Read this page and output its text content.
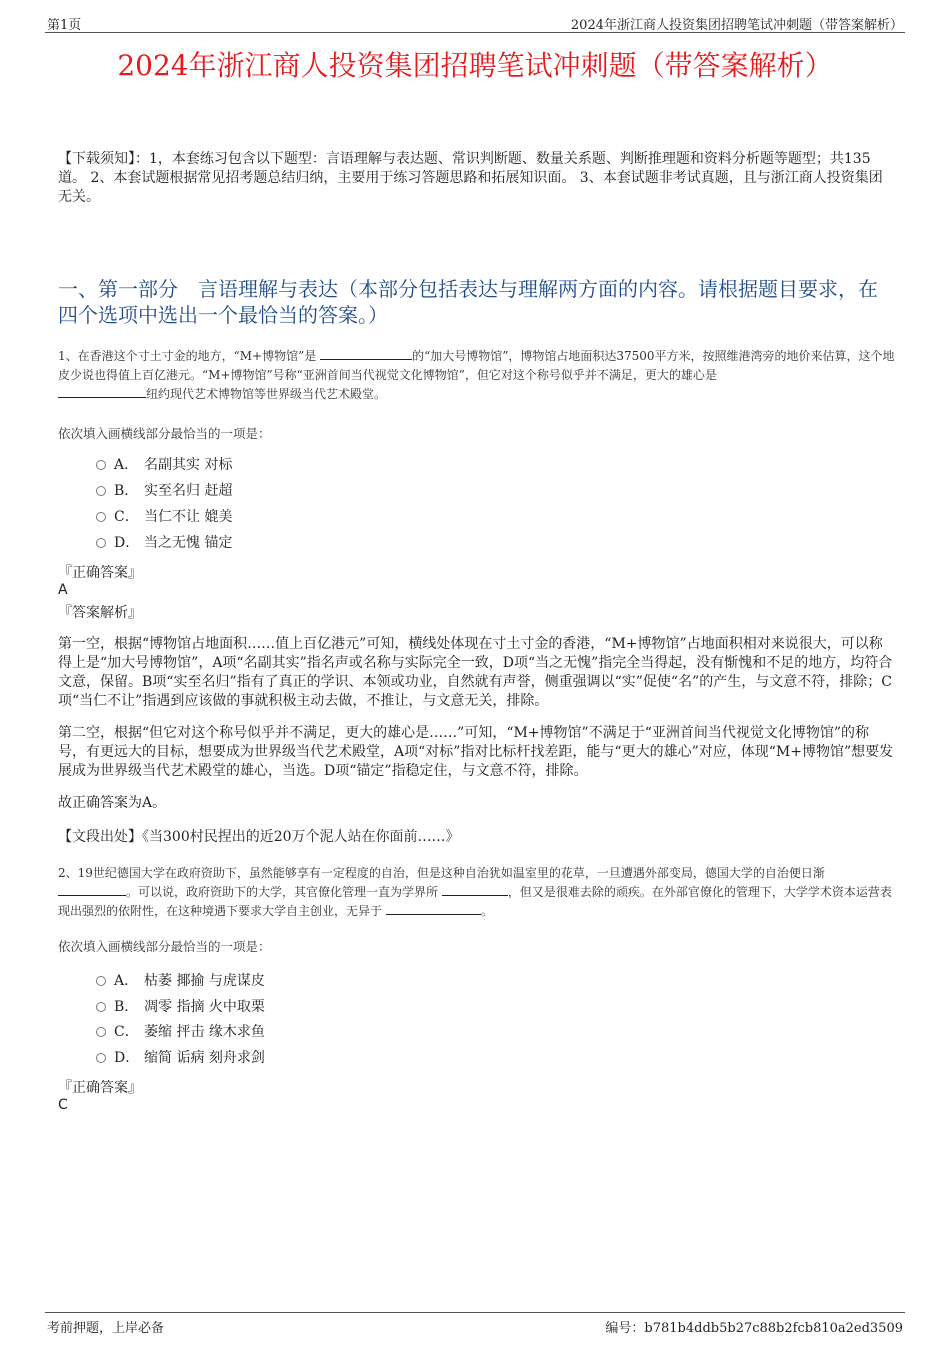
第1页	2024年浙江商人投资集团招聘笔试冲刺题（带答案解析）
2024年浙江商人投资集团招聘笔试冲刺题（带答案解析）
【下载须知】：1，本套练习包含以下题型：言语理解与表达题、常识判断题、数量关系题、判断推理题和资料分析题等题型；共135道。 2、本套试题根据常见招考题总结归纳，主要用于练习答题思路和拓展知识面。 3、本套试题非考试真题，且与浙江商人投资集团无关。
一、第一部分　言语理解与表达（本部分包括表达与理解两方面的内容。请根据题目要求，在四个选项中选出一个最恰当的答案。）
1、在香港这个寸土寸金的地方，“M+博物馆”是	的“加大号博物馆”，博物馆占地面积达37500平方米，按照维港湾旁的地价来估算，这个地皮少说也得值上百亿港元。“M+博物馆”号称“亚洲首间当代视觉文化博物馆”，但它对这个称号似乎并不满足，更大的雄心是
纽约现代艺术博物馆等世界级当代艺术殿堂。
依次填入画横线部分最恰当的一项是：
A． 名副其实 对标
B． 实至名归 赶超
C． 当仁不让 媲美
D． 当之无愧 锚定
『正确答案』
A
『答案解析』
第一空，根据“博物馆占地面积……值上百亿港元”可知，横线处体现在寸土寸金的香港，“M+博物馆”占地面积相对来说很大，可以称得上是“加大号博物馆”，A项“名副其实”指名声或名称与实际完全一致，D项“当之无愧”指完全当得起，没有惭愧和不足的地方，均符合文意，保留。B项“实至名归”指有了真正的学识、本领或功业，自然就有声誉，侧重强调以“实”促使“名”的产生，与文意不符，排除；C项“当仁不让”指遇到应该做的事就积极主动去做，不推让，与文意无关，排除。
第二空，根据“但它对这个称号似乎并不满足，更大的雄心是……”可知，“M+博物馆”不满足于“亚洲首间当代视觉文化博物馆”的称号，有更远大的目标，想要成为世界级当代艺术殿堂，A项“对标”指对比标杆找差距，能与“更大的雄心”对应，体现“M+博物馆”想要发展成为世界级当代艺术殿堂的雄心，当选。D项“锚定”指稳定住，与文意不符，排除。
故正确答案为A。
【文段出处】《当300村民捏出的近20万个泥人站在你面前……》
2、19世纪德国大学在政府资助下，虽然能够享有一定程度的自治，但是这种自治犹如温室里的花草，一旦遭遇外部变局，德国大学的自治便日渐 。可以说，政府资助下的大学，其官僚化管理一直为学界所	，但又是很难去除的顽疾。在外部官僚化的管理下，大学学术资本运营表现出强烈的依附性，在这种境遇下要求大学自主创业，无异于	。
依次填入画横线部分最恰当的一项是：
A． 枯萎 揶揄 与虎谋皮
B． 凋零 指摘 火中取栗
C． 萎缩 抨击 缘木求鱼
D． 缩简 诟病 刻舟求剑
『正确答案』
C
考前押题，上岸必备	编号：b781b4ddb5b27c88b2fcb810a2ed3509
